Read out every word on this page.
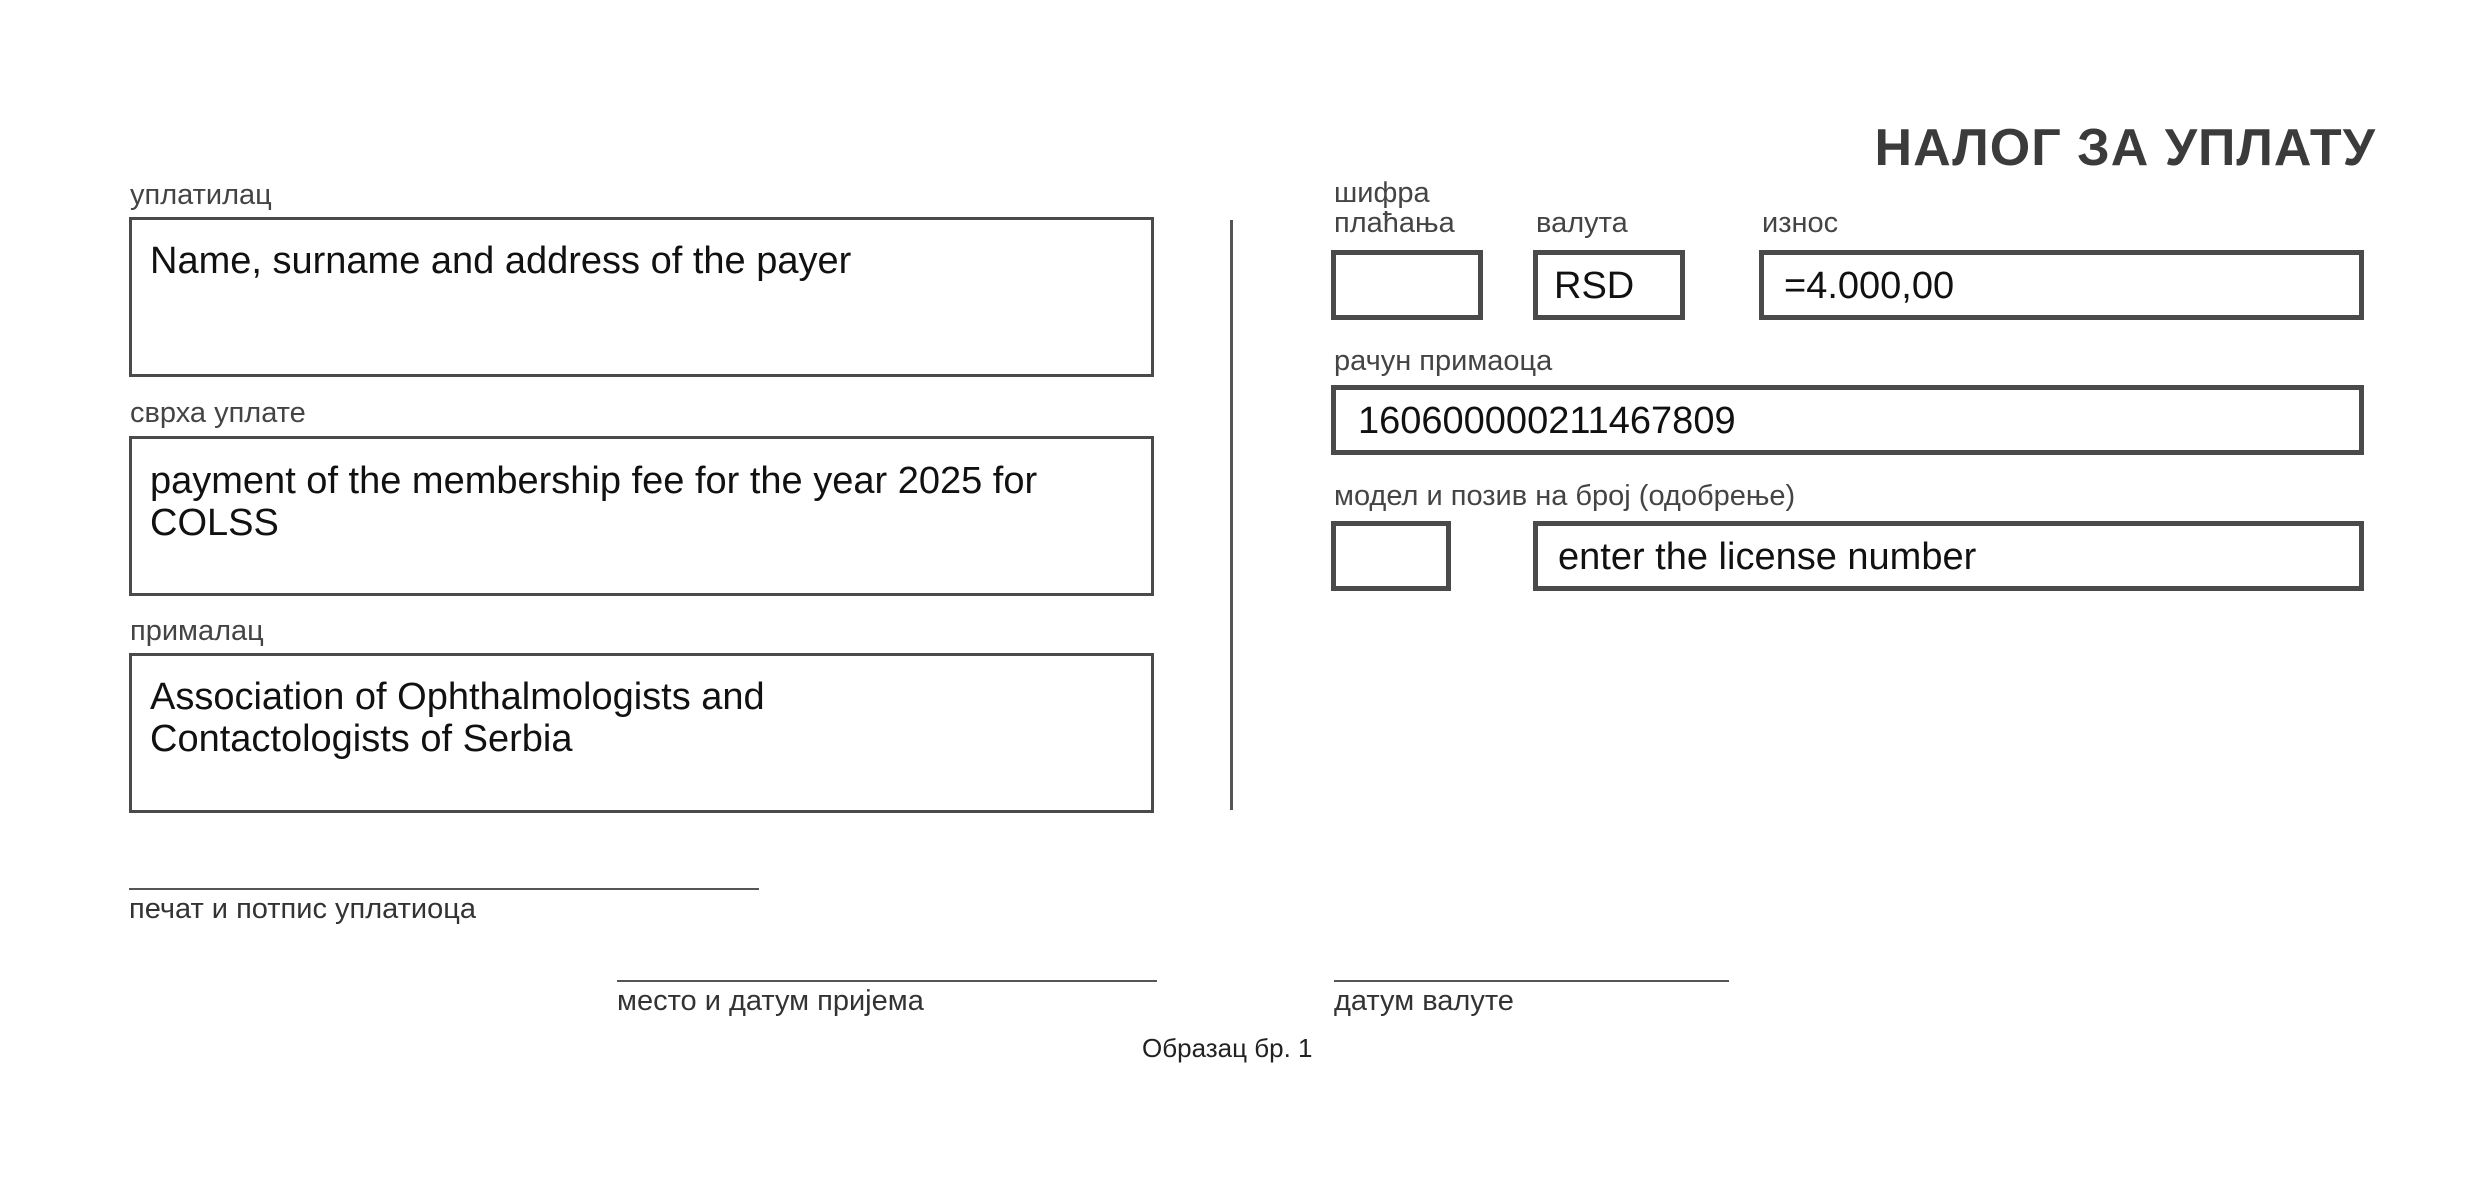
НАЛОГ ЗА УПЛАТУ
уплатилац
Name, surname and address of the payer
сврха уплате
payment of the membership fee for the year 2025 for COLSS
прималац
Association of Ophthalmologists and
Contactologists of Serbia
шифра
плаћања	валута
RSD
износ
=4.000,00
рачун примаоца
160600000211467809
модел и позив на број (одобрење)
enter the license number
печат и потпис уплатиоца
место и датум пријема	датум валуте
Образац бр. 1
